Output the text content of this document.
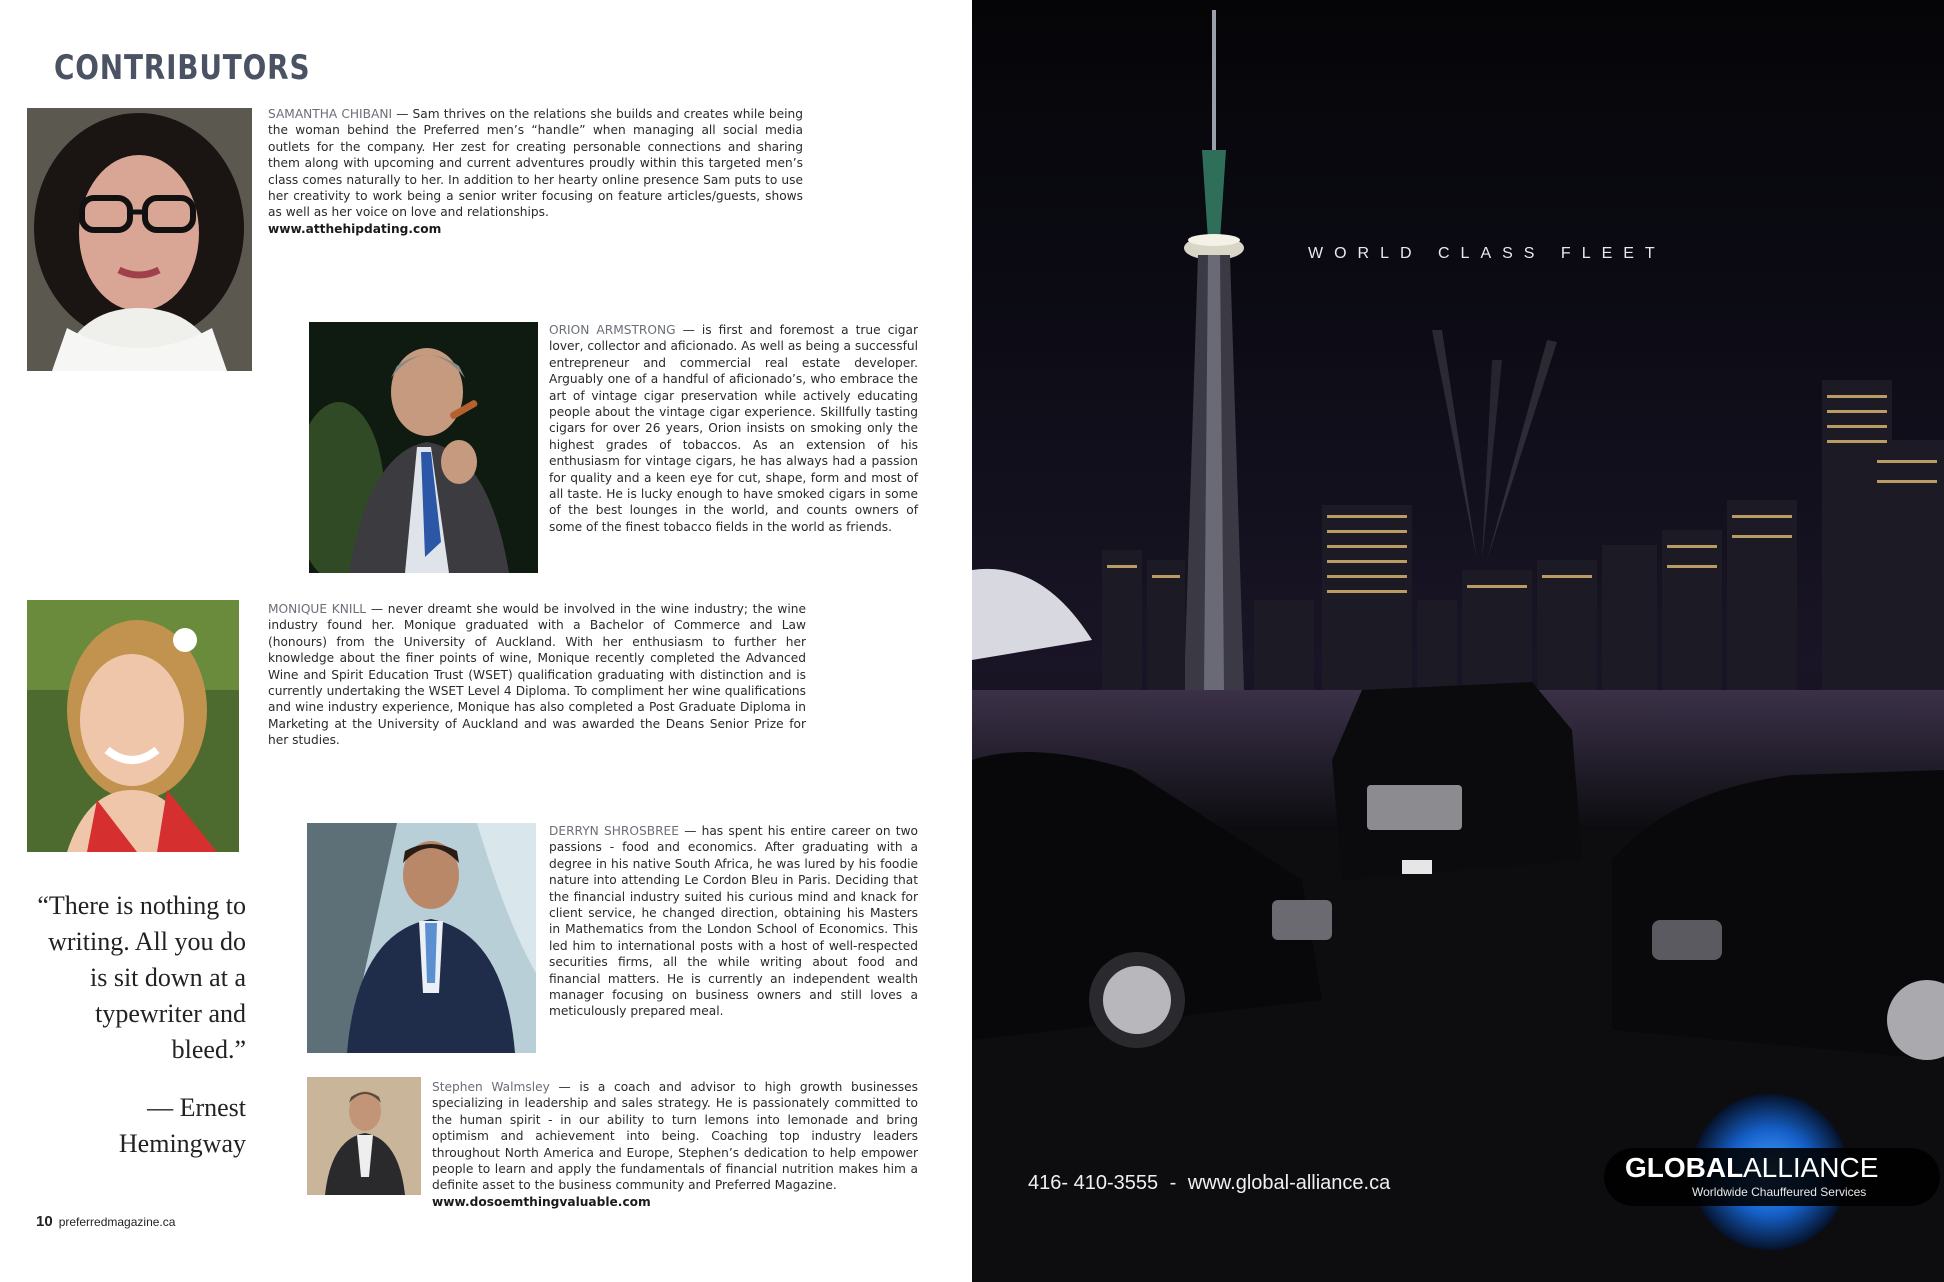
CONTRIBUTORS
SAMANTHA CHIBANI — Sam thrives on the relations she builds and creates while being the woman behind the Preferred men’s “handle” when managing all social media outlets for the company. Her zest for creating personable connections and sharing them along with upcoming and current adventures proudly within this targeted men’s class comes naturally to her. In addition to her hearty online presence Sam puts to use her creativity to work being a senior writer focusing on feature articles/guests, shows as well as her voice on love and relationships.
www.atthehipdating.com
ORION ARMSTRONG — is first and foremost a true cigar lover, collector and aficionado. As well as being a successful entrepreneur and commercial real estate developer. Arguably one of a handful of aficionado’s, who embrace the art of vintage cigar preservation while actively educating people about the vintage cigar experience. Skillfully tasting cigars for over 26 years, Orion insists on smoking only the highest grades of tobaccos. As an extension of his enthusiasm for vintage cigars, he has always had a passion for quality and a keen eye for cut, shape, form and most of all taste. He is lucky enough to have smoked cigars in some of the best lounges in the world, and counts owners of some of the finest tobacco fields in the world as friends.
MONIQUE KNILL — never dreamt she would be involved in the wine industry; the wine industry found her. Monique graduated with a Bachelor of Commerce and Law (honours) from the University of Auckland. With her enthusiasm to further her knowledge about the finer points of wine, Monique recently completed the Advanced Wine and Spirit Education Trust (WSET) qualification graduating with distinction and is currently undertaking the WSET Level 4 Diploma. To compliment her wine qualifications and wine industry experience, Monique has also completed a Post Graduate Diploma in Marketing at the University of Auckland and was awarded the Deans Senior Prize for her studies.
DERRYN SHROSBREE — has spent his entire career on two passions - food and economics. After graduating with a degree in his native South Africa, he was lured by his foodie nature into attending Le Cordon Bleu in Paris. Deciding that the financial industry suited his curious mind and knack for client service, he changed direction, obtaining his Masters in Mathematics from the London School of Economics. This led him to international posts with a host of well-respected securities firms, all the while writing about food and financial matters. He is currently an independent wealth manager focusing on business owners and still loves a meticulously prepared meal.
Stephen Walmsley — is a coach and advisor to high growth businesses specializing in leadership and sales strategy. He is passionately committed to the human spirit - in our ability to turn lemons into lemonade and bring optimism and achievement into being. Coaching top industry leaders throughout North America and Europe, Stephen’s dedication to help empower people to learn and apply the fundamentals of financial nutrition makes him a definite asset to the business community and Preferred Magazine.
www.dosoemthingvaluable.com
“There is nothing to writing. All you do is sit down at a typewriter and bleed.”
— Ernest Hemingway
10 preferredmagazine.ca
GLOBAL ALLIANCE
Worldwide Chauffeured Services
WORLD CLASS FLEET
416- 410-3555 - www.global-alliance.ca
